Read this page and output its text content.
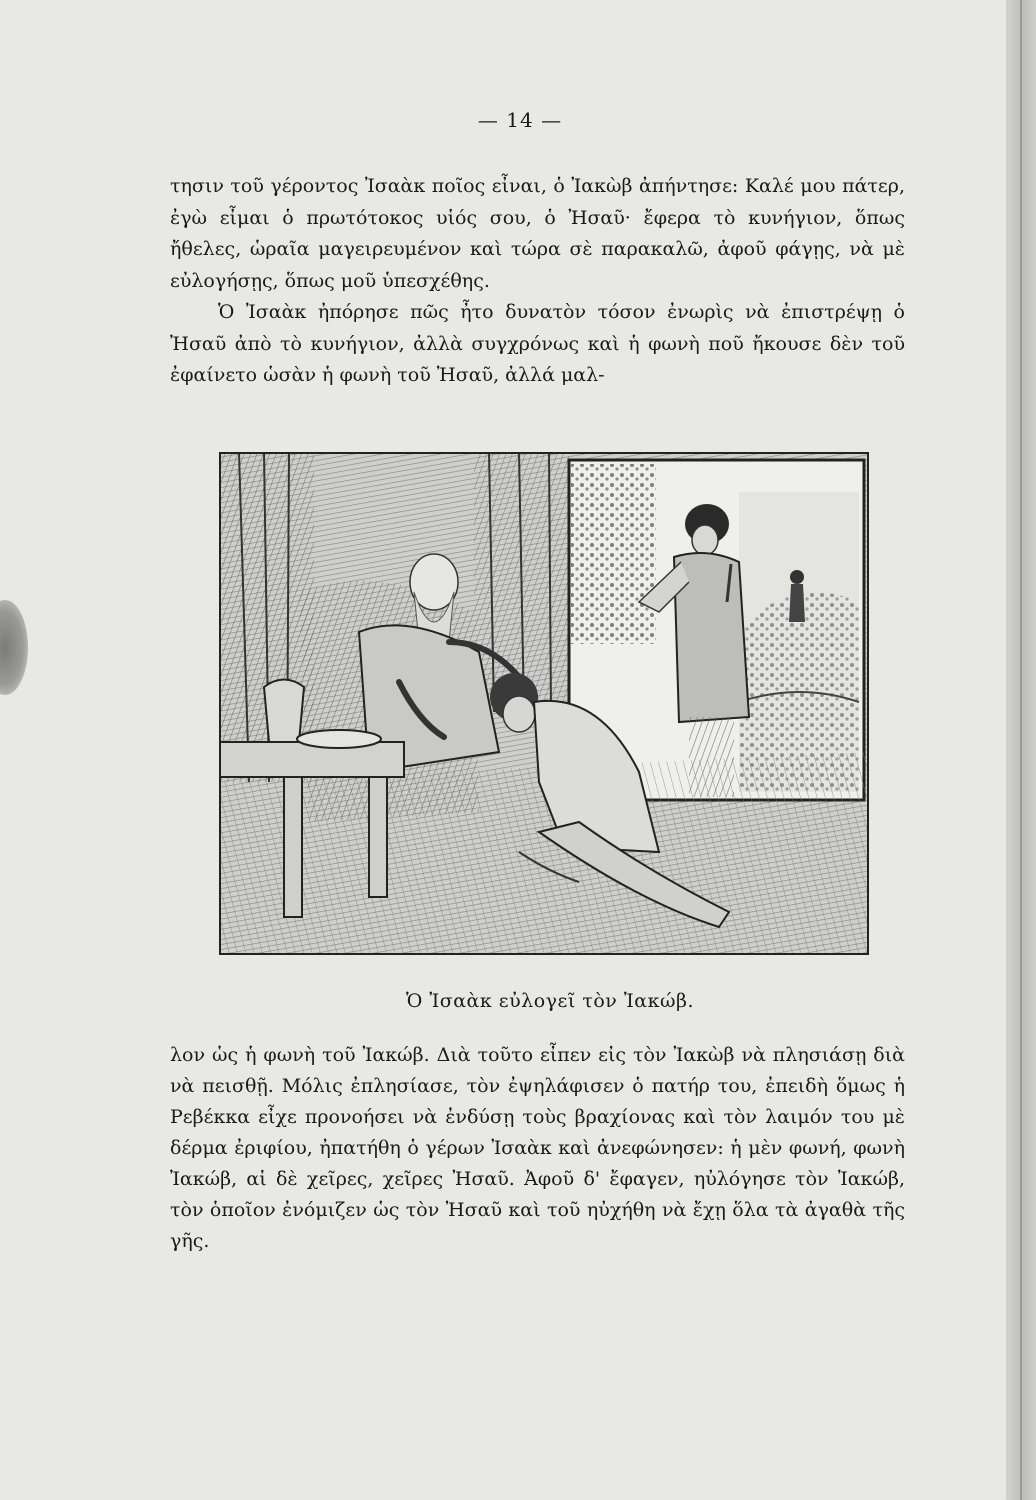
— 14 —

τησιν τοῦ γέροντος Ἰσαὰκ ποῖος εἶναι, ὁ Ἰακὼβ ἀπήντησε: Καλέ μου πάτερ, ἐγὼ εἶμαι ὁ πρωτότοκος υἱός σου, ὁ Ἠσαῦ· ἔφερα τὸ κυνήγιον, ὅπως ἤθελες, ὡραῖα μαγειρευμένον καὶ τώρα σὲ παρακαλῶ, ἀφοῦ φάγῃς, νὰ μὲ εὐλογήσῃς, ὅπως μοῦ ὑπεσχέθης.

Ὁ Ἰσαὰκ ἠπόρησε πῶς ἦτο δυνατὸν τόσον ἐνωρὶς νὰ ἐπιστρέψῃ ὁ Ἠσαῦ ἀπὸ τὸ κυνήγιον, ἀλλὰ συγχρόνως καὶ ἡ φωνὴ ποῦ ἤκουσε δὲν τοῦ ἐφαίνετο ὡσὰν ἡ φωνὴ τοῦ Ἠσαῦ, ἀλλά μαλ-

Ὁ Ἰσαὰκ εὐλογεῖ τὸν Ἰακώβ.

λον ὡς ἡ φωνὴ τοῦ Ἰακώβ. Διὰ τοῦτο εἶπεν εἰς τὸν Ἰακὼβ νὰ πλησιάσῃ διὰ νὰ πεισθῇ. Μόλις ἐπλησίασε, τὸν ἐψηλάφισεν ὁ πατήρ του, ἐπειδὴ ὅμως ἡ Ρεβέκκα εἶχε προνοήσει νὰ ἐνδύσῃ τοὺς βραχίονας καὶ τὸν λαιμόν του μὲ δέρμα ἐριφίου, ἠπατήθη ὁ γέρων Ἰσαὰκ καὶ ἀνεφώνησεν: ἡ μὲν φωνή, φωνὴ Ἰακώβ, αἱ δὲ χεῖρες, χεῖρες Ἠσαῦ. Ἀφοῦ δ' ἔφαγεν, ηὐλόγησε τὸν Ἰακώβ, τὸν ὁποῖον ἐνόμιζεν ὡς τὸν Ἠσαῦ καὶ τοῦ ηὐχήθη νὰ ἔχῃ ὅλα τὰ ἀγαθὰ τῆς γῆς.
